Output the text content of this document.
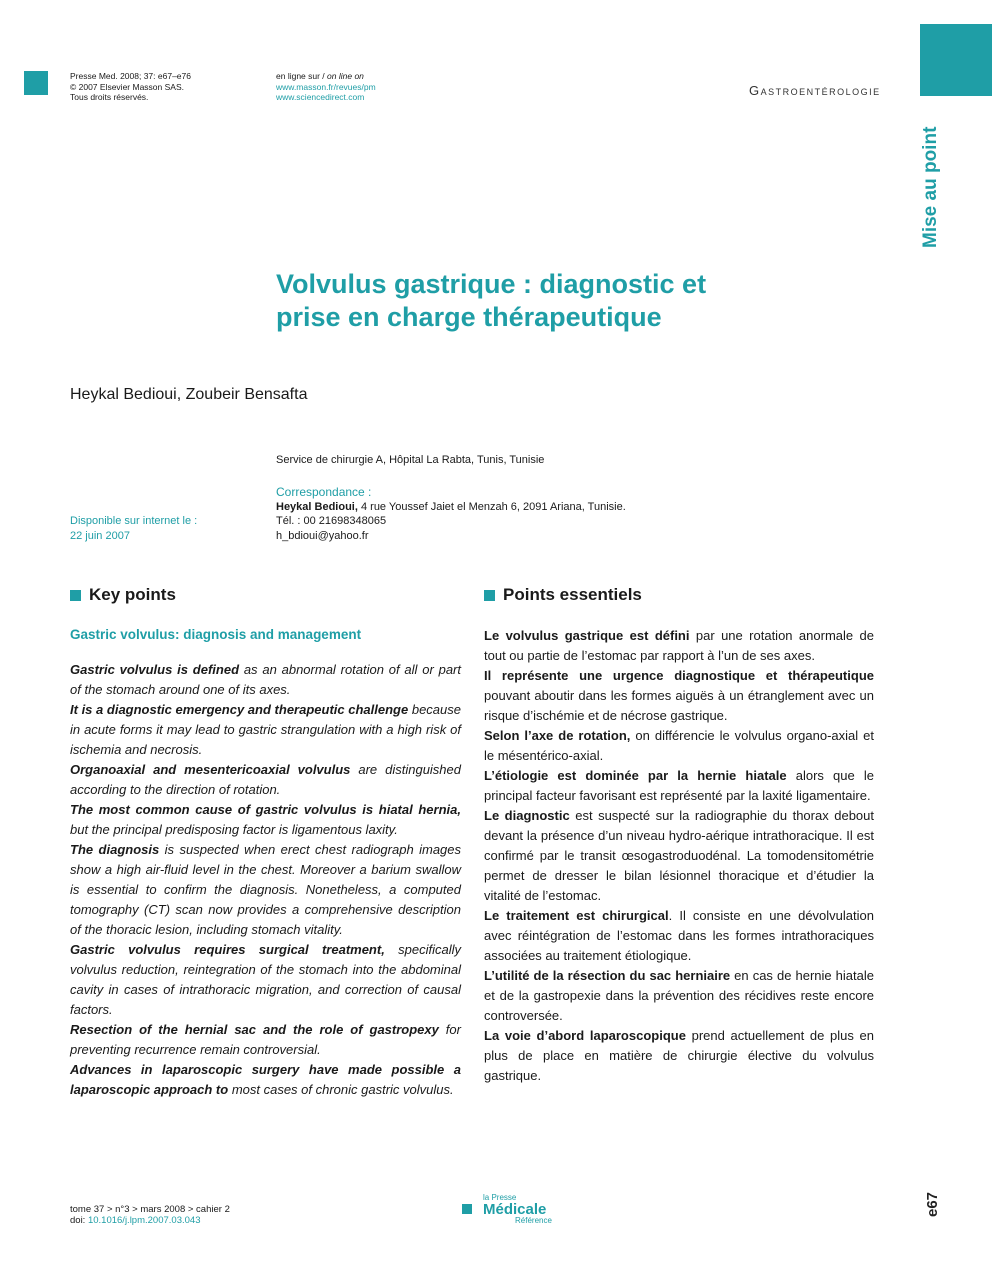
Presse Med. 2008; 37: e67–e76
© 2007 Elsevier Masson SAS.
Tous droits réservés.
en ligne sur / on line on
www.masson.fr/revues/pm
www.sciencedirect.com	Gastroentérologie
Mise au point
Volvulus gastrique : diagnostic et
prise en charge thérapeutique
Heykal Bedioui, Zoubeir Bensafta
Service de chirurgie A, Hôpital La Rabta, Tunis, Tunisie
Correspondance :
Heykal Bedioui, 4 rue Youssef Jaiet el Menzah 6, 2091 Ariana, Tunisie.
Tél. : 00 21698348065
h_bdioui@yahoo.fr
Disponible sur internet le :
22 juin 2007
Key points
Gastric volvulus: diagnosis and management

Gastric volvulus is defined as an abnormal rotation of all or part of the stomach around one of its axes.

It is a diagnostic emergency and therapeutic challenge because in acute forms it may lead to gastric strangulation with a high risk of ischemia and necrosis.

Organoaxial and mesentericoaxial volvulus are distinguished according to the direction of rotation.

The most common cause of gastric volvulus is hiatal hernia, but the principal predisposing factor is ligamentous laxity.

The diagnosis is suspected when erect chest radiograph images show a high air-fluid level in the chest. Moreover a barium swallow is essential to confirm the diagnosis. Nonetheless, a computed tomography (CT) scan now provides a comprehensive description of the thoracic lesion, including stomach vitality.

Gastric volvulus requires surgical treatment, specifically volvulus reduction, reintegration of the stomach into the abdominal cavity in cases of intrathoracic migration, and correction of causal factors.

Resection of the hernial sac and the role of gastropexy for preventing recurrence remain controversial.

Advances in laparoscopic surgery have made possible a laparoscopic approach to most cases of chronic gastric volvulus.

Points essentiels

Le volvulus gastrique est défini par une rotation anormale de tout ou partie de l’estomac par rapport à l’un de ses axes.

Il représente une urgence diagnostique et thérapeutique pouvant aboutir dans les formes aiguës à un étranglement avec un risque d’ischémie et de nécrose gastrique.

Selon l’axe de rotation, on différencie le volvulus organo-axial et le mésentérico-axial.

L’étiologie est dominée par la hernie hiatale alors que le principal facteur favorisant est représenté par la laxité ligamentaire.

Le diagnostic est suspecté sur la radiographie du thorax debout devant la présence d’un niveau hydro-aérique intrathoracique. Il est confirmé par le transit œsogastroduodénal. La tomodensitométrie permet de dresser le bilan lésionnel thoracique et d’étudier la vitalité de l’estomac.

Le traitement est chirurgical. Il consiste en une dévolvulation avec réintégration de l’estomac dans les formes intrathoraciques associées au traitement étiologique.

L’utilité de la résection du sac herniaire en cas de hernie hiatale et de la gastropexie dans la prévention des récidives reste encore controversée.

La voie d’abord laparoscopique prend actuellement de plus en plus de place en matière de chirurgie élective du volvulus gastrique.

tome 37 > n°3 > mars 2008 > cahier 2
doi: 10.1016/j.lpm.2007.03.043
la Presse
Médicale
Référence
e67
